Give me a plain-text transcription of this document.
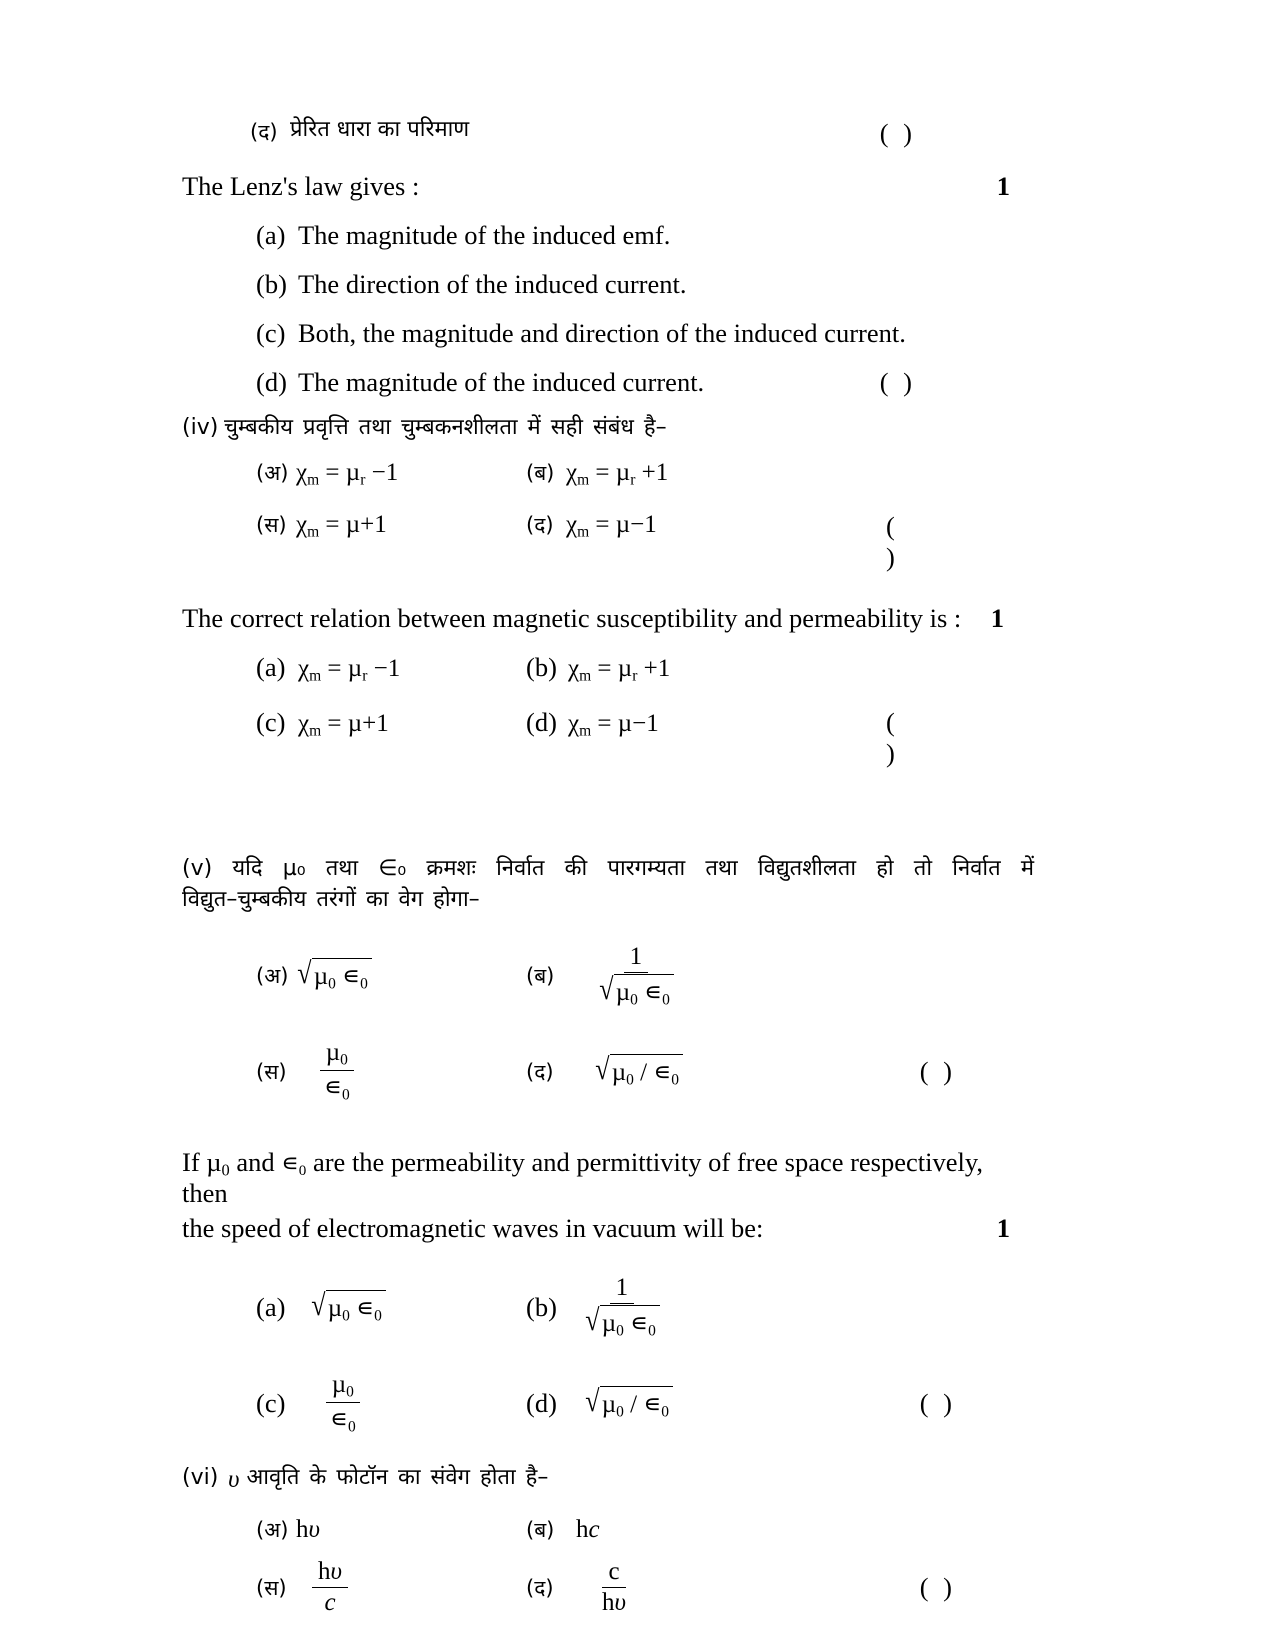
(द) प्रेरित धारा का परिमाण	( )
The Lenz's law gives :	1
(a) The magnitude of the induced emf.
(b) The direction of the induced current.
(c) Both, the magnitude and direction of the induced current.
(d) The magnitude of the induced current.	( )
(iv) चुम्बकीय प्रवृत्ति तथा चुम्बकनशीलता में सही संबंध है–
(अ) $\chi_m = \mu_r -1$	(ब) $\chi_m = \mu_r +1$
(स) $\chi_m = \mu+1$	(द) $\chi_m = \mu-1$	( )
The correct relation between magnetic susceptibility and permeability is :	1
(a) $\chi_m = \mu_r -1$	(b) $\chi_m = \mu_r +1$
(c) $\chi_m = \mu+1$	(d) $\chi_m = \mu-1$	( )
(v) यदि µ₀ तथा ∈₀ क्रमशः निर्वात की पारगम्यता तथा विद्युतशीलता हो तो निर्वात में
विद्युत–चुम्बकीय तरंगों का वेग होगा–
(अ) √ µ$_0$ $∊_0$	(ब)	$\frac{1}{√ \mu_0 ∊_0}$
(स)	$\frac{\mu_0}{∊_0}$	(द)	√ $\mu_0 / ∊_0$	( )
If µ$_0$ and $∊_0$ are the permeability and permittivity of free space respectively, then
the speed of electromagnetic waves in vacuum will be:	1
(a) √ µ$_0$ $∊_0$	$(b) \frac{1}{√ \mu_0 ∊_0}$
(c)	$\frac{\mu_0}{∊_0}$	(d) √ $\mu_0 / ∊_0$	( )
(vi) υ आवृति के फोटॉन का संवेग होता है–
(अ) hυ	(ब) hc
(स)	$\frac{h\upsilon}{c}$	(द)	$\frac{c}{h\upsilon}$	( )
